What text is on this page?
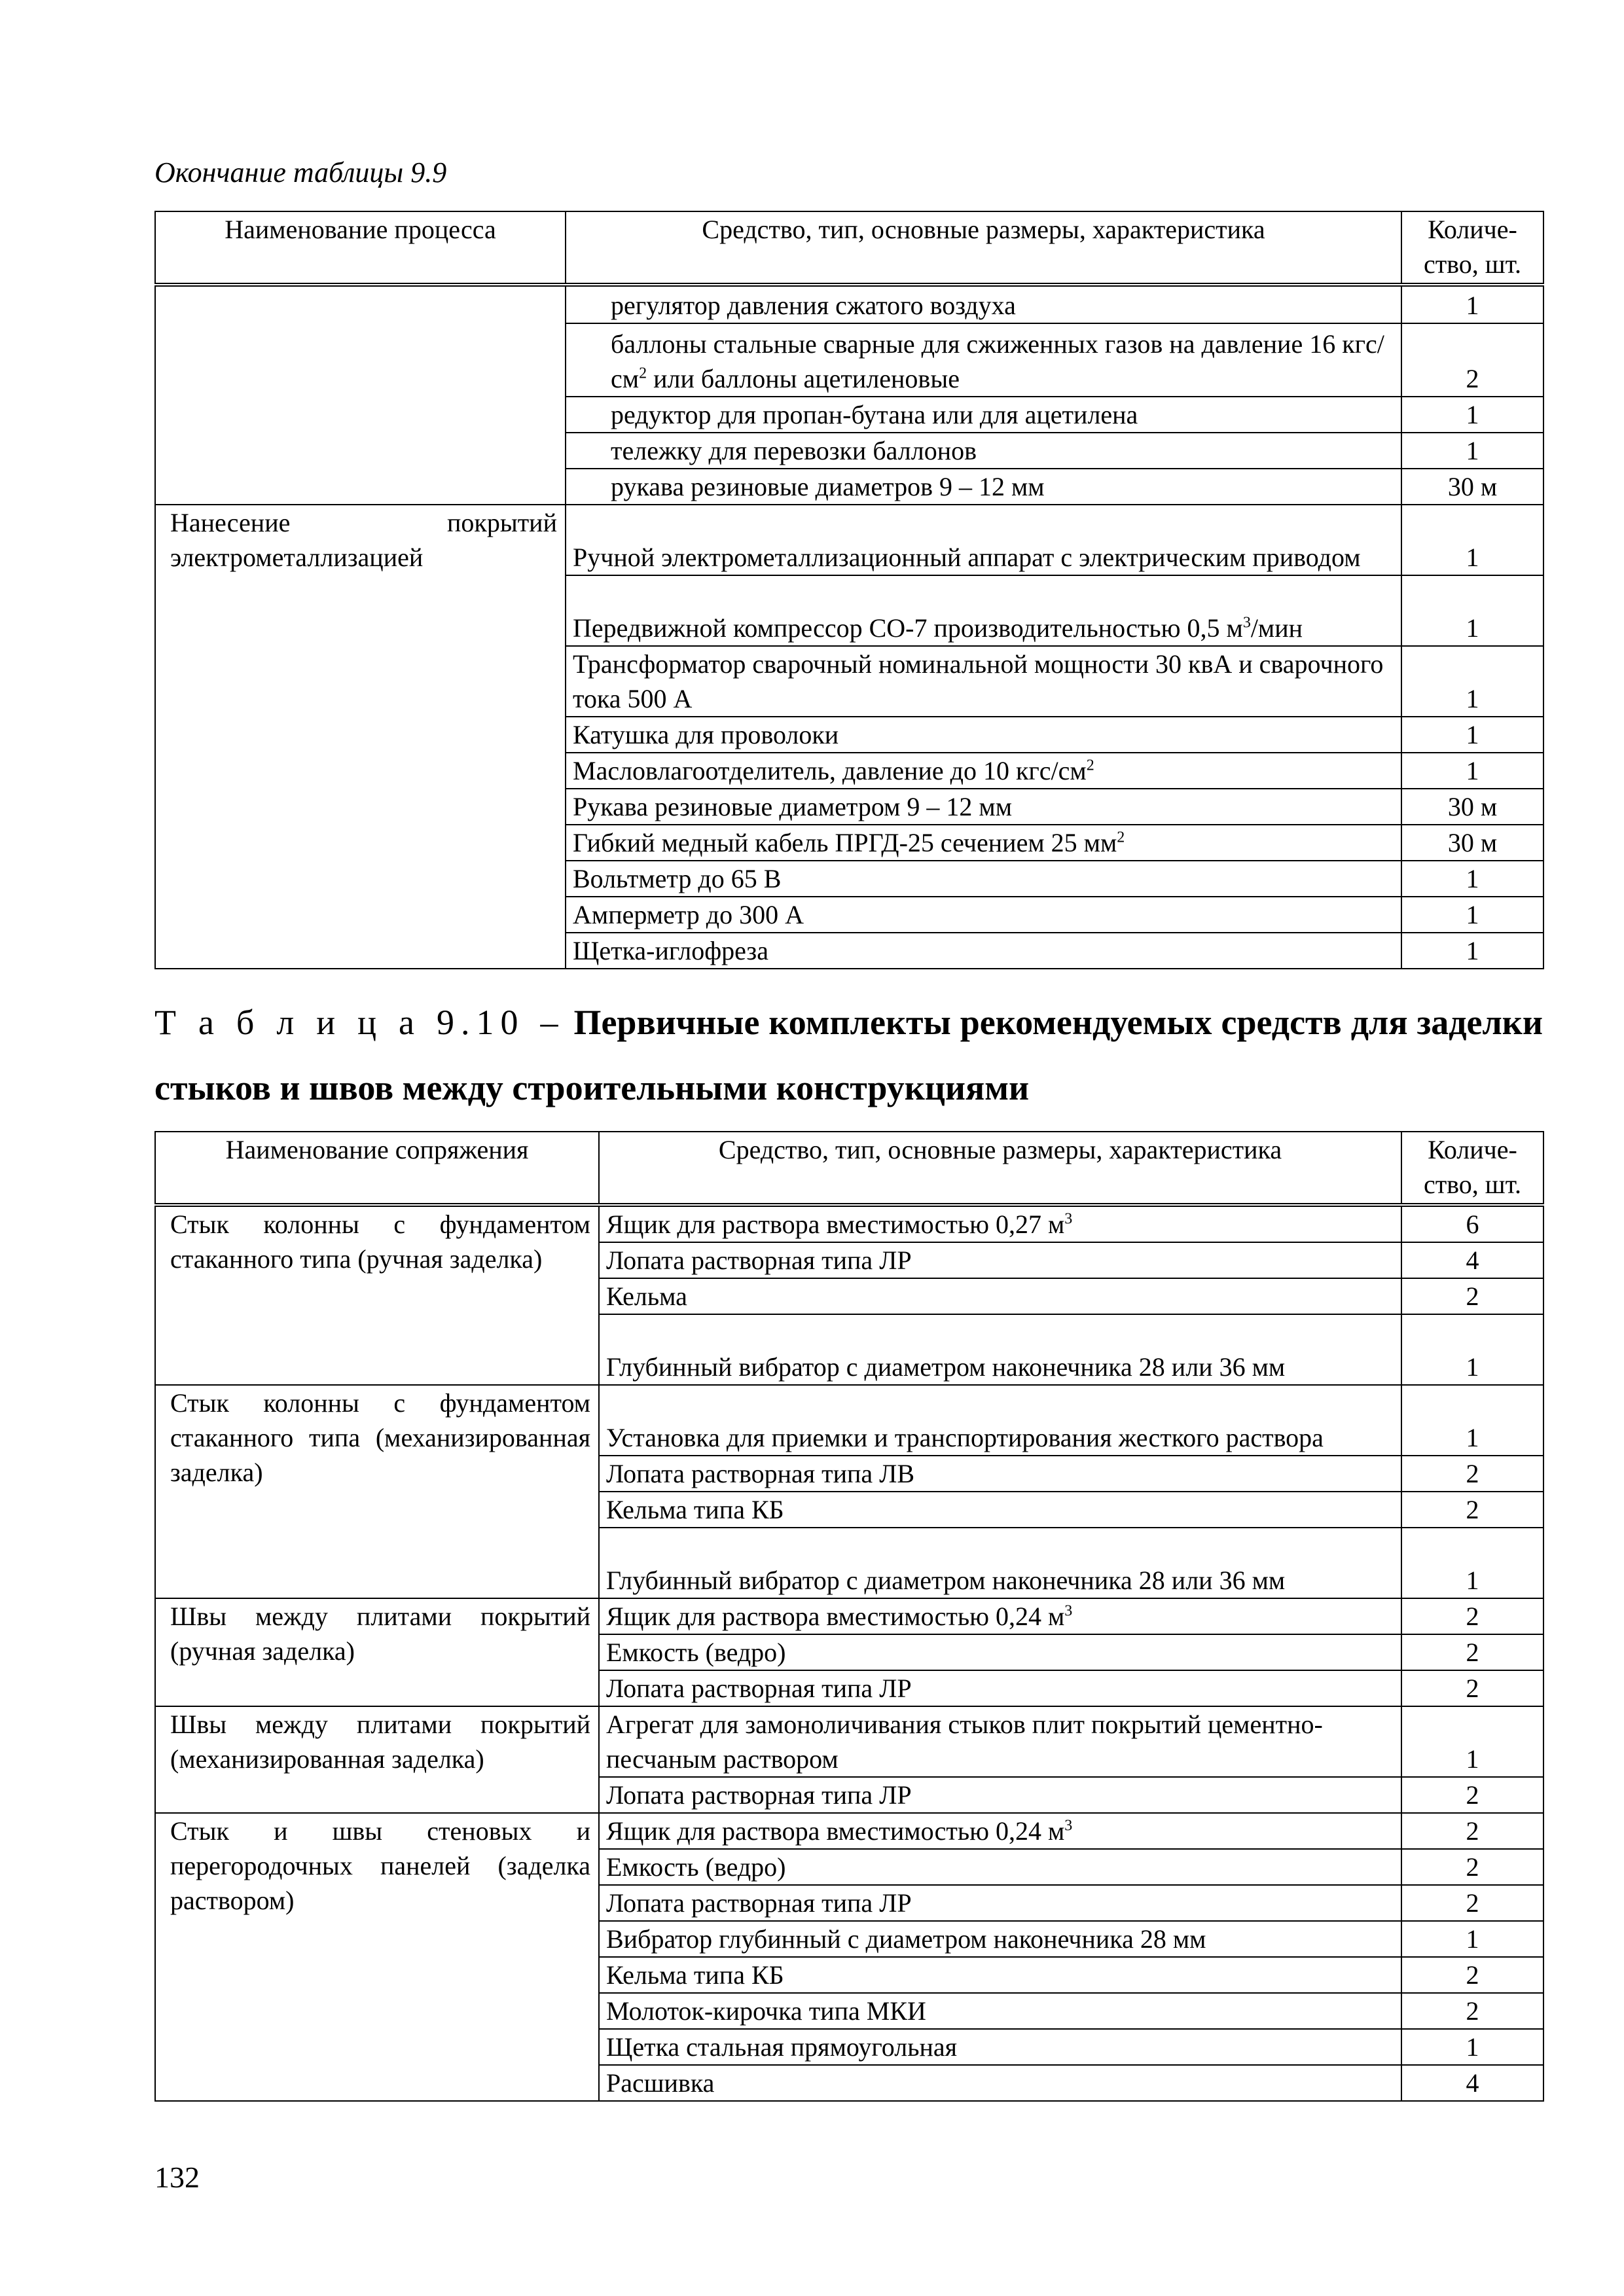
Окончание таблицы 9.9
Наименование процесса	Средство, тип, основные размеры, характеристика	Количе-ство, шт.
	регулятор давления сжатого воздуха	1
	баллоны стальные сварные для сжиженных газов на давление 16 кгс/$см^2$ или баллоны ацетиленовые	2
	редуктор для пропан-бутана или для ацетилена	1
	тележку для перевозки баллонов	1
	рукава резиновые диаметров 9 – 12 мм	30 м
Нанесение покрытий электрометаллизацией	Ручной электрометаллизационный аппарат с электрическим приводом	1
	Передвижной компрессор СО-7 производительностью 0,5 $м^3$/мин	1
	Трансформатор сварочный номинальной мощности 30 квА и сварочного тока 500 А	1
	Катушка для проволоки	1
	Масловлагоотделитель, давление до 10 кгс/$см^2$	1
	Рукава резиновые диаметром 9 – 12 мм	30 м
	Гибкий медный кабель ПРГД-25 сечением 25 $мм^2$	30 м
	Вольтметр до 65 В	1
	Амперметр до 300 А	1
	Щетка-иглофреза	1
Т а б л и ц а 9.10 – Первичные комплекты рекомендуемых средств для заделки стыков и швов между строительными конструкциями
Наименование сопряжения	Средство, тип, основные размеры, характеристика	Количе-ство, шт.
Стык колонны с фундаментом стаканного типа (ручная заделка)	Ящик для раствора вместимостью 0,27 $м^3$	6
	Лопата растворная типа ЛР	4
	Кельма	2
	Глубинный вибратор с диаметром наконечника 28 или 36 мм	1
Стык колонны с фундаментом стаканного типа (механизированная заделка)	Установка для приемки и транспортирования жесткого раствора	1
	Лопата растворная типа ЛВ	2
	Кельма типа КБ	2
	Глубинный вибратор с диаметром наконечника 28 или 36 мм	1
Швы между плитами покрытий (ручная заделка)	Ящик для раствора вместимостью 0,24 $м^3$	2
	Емкость (ведро)	2
	Лопата растворная типа ЛР	2
Швы между плитами покрытий (механизированная заделка)	Агрегат для замоноличивания стыков плит покрытий цементно-песчаным раствором	1
	Лопата растворная типа ЛР	2
Стык и швы стеновых и перегородочных панелей (заделка раствором)	Ящик для раствора вместимостью 0,24 $м^3$	2
	Емкость (ведро)	2
	Лопата растворная типа ЛР	2
	Вибратор глубинный с диаметром наконечника 28 мм	1
	Кельма типа КБ	2
	Молоток-кирочка типа МКИ	2
	Щетка стальная прямоугольная	1
	Расшивка	4
132
